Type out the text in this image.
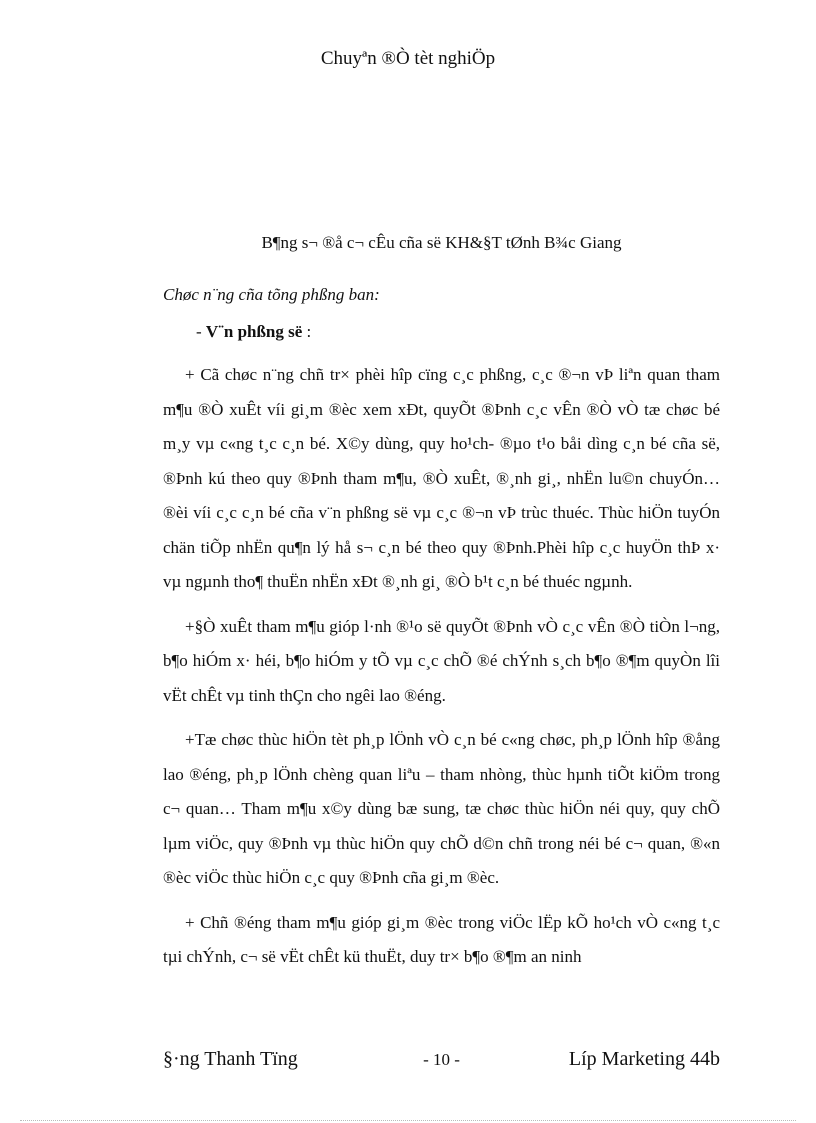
Chuyªn ®Ò tèt nghiÖp
B¶ng s¬ ®å c¬ cÊu cña së KH&§T tØnh B¾c Giang
Chøc n¨ng cña tõng phßng ban:
- V¨n phßng së :

+ Cã chøc n¨ng chñ tr× phèi hîp cïng c¸c phßng, c¸c ®¬n vÞ liªn quan tham m¶u ®Ò xuÊt víi gi¸m ®èc xem xÐt, quyÕt ®Þnh c¸c vÊn ®Ò vÒ tæ chøc bé m¸y vµ c«ng t¸c c¸n bé. X©y dùng, quy ho¹ch- ®µo t¹o båi dìng c¸n bé cña së, ®Þnh kú theo quy ®Þnh tham m¶u, ®Ò xuÊt, ®¸nh gi¸, nhËn lu©n chuyÓn… ®èi víi c¸c c¸n bé cña v¨n phßng së vµ c¸c ®¬n vÞ trùc thuéc. Thùc hiÖn tuyÓn chän tiÕp nhËn qu¶n lý hå s¬ c¸n bé theo quy ®Þnh.Phèi hîp c¸c huyÖn thÞ x· vµ ngµnh tho¶ thuËn nhËn xÐt ®¸nh gi¸ ®Ò b¹t c¸n bé thuéc ngµnh.

+§Ò xuÊt tham m¶u gióp l·nh ®¹o së quyÕt ®Þnh vÒ c¸c vÊn ®Ò tiÒn l¬ng, b¶o hiÓm x· héi, b¶o hiÓm y tÕ vµ c¸c chÕ ®é chÝnh s¸ch b¶o ®¶m quyÒn lîi vËt chÊt vµ tinh thÇn cho ngêi lao ®éng.

+Tæ chøc thùc hiÖn tèt ph¸p lÖnh vÒ c¸n bé c«ng chøc, ph¸p lÖnh hîp ®ång lao ®éng, ph¸p lÖnh chèng quan liªu – tham nhòng, thùc hµnh tiÕt kiÖm trong c¬ quan… Tham m¶u x©y dùng bæ sung, tæ chøc thùc hiÖn néi quy, quy chÕ lµm viÖc, quy ®Þnh vµ thùc hiÖn quy chÕ d©n chñ trong néi bé c¬ quan, ®«n ®èc viÖc thùc hiÖn c¸c quy ®Þnh cña gi¸m ®èc.

+ Chñ ®éng tham m¶u gióp gi¸m ®èc trong viÖc lËp kÕ ho¹ch vÒ c«ng t¸c tµi chÝnh, c¬ së vËt chÊt kü thuËt, duy tr× b¶o ®¶m an ninh

§·ng Thanh Tïng	- 10 -	Líp Marketing 44b
